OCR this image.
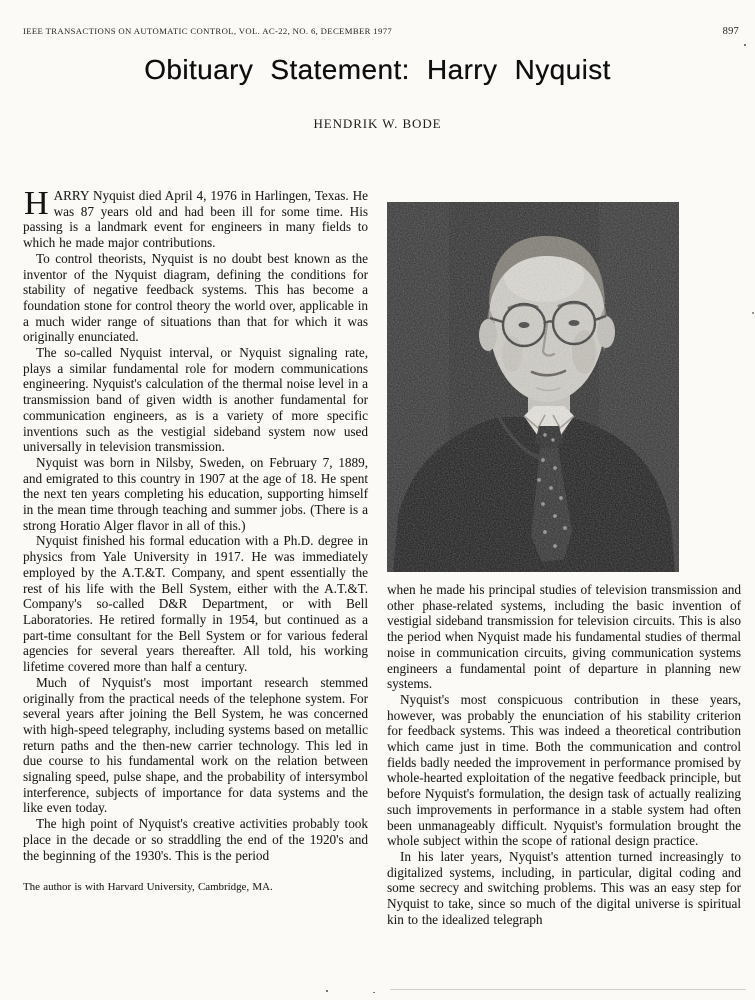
IEEE TRANSACTIONS ON AUTOMATIC CONTROL, VOL. AC-22, NO. 6, DECEMBER 1977	897
Obituary Statement: Harry Nyquist
HENDRIK W. BODE

HARRY Nyquist died April 4, 1976 in Harlingen, Texas. He was 87 years old and had been ill for some time. His passing is a landmark event for engineers in many fields to which he made major contributions.

To control theorists, Nyquist is no doubt best known as the inventor of the Nyquist diagram, defining the conditions for stability of negative feedback systems. This has become a foundation stone for control theory the world over, applicable in a much wider range of situations than that for which it was originally enunciated.

The so-called Nyquist interval, or Nyquist signaling rate, plays a similar fundamental role for modern communications engineering. Nyquist's calculation of the thermal noise level in a transmission band of given width is another fundamental for communication engineers, as is a variety of more specific inventions such as the vestigial sideband system now used universally in television transmission.

Nyquist was born in Nilsby, Sweden, on February 7, 1889, and emigrated to this country in 1907 at the age of 18. He spent the next ten years completing his education, supporting himself in the mean time through teaching and summer jobs. (There is a strong Horatio Alger flavor in all of this.)

Nyquist finished his formal education with a Ph.D. degree in physics from Yale University in 1917. He was immediately employed by the A.T.&T. Company, and spent essentially the rest of his life with the Bell System, either with the A.T.&T. Company's so-called D&R Department, or with Bell Laboratories. He retired formally in 1954, but continued as a part-time consultant for the Bell System or for various federal agencies for several years thereafter. All told, his working lifetime covered more than half a century.

Much of Nyquist's most important research stemmed originally from the practical needs of the telephone system. For several years after joining the Bell System, he was concerned with high-speed telegraphy, including systems based on metallic return paths and the then-new carrier technology. This led in due course to his fundamental work on the relation between signaling speed, pulse shape, and the probability of intersymbol interference, subjects of importance for data systems and the like even today.

The high point of Nyquist's creative activities probably took place in the decade or so straddling the end of the 1920's and the beginning of the 1930's. This is the period

The author is with Harvard University, Cambridge, MA.

when he made his principal studies of television transmission and other phase-related systems, including the basic invention of vestigial sideband transmission for television circuits. This is also the period when Nyquist made his fundamental studies of thermal noise in communication circuits, giving communication systems engineers a fundamental point of departure in planning new systems.

Nyquist's most conspicuous contribution in these years, however, was probably the enunciation of his stability criterion for feedback systems. This was indeed a theoretical contribution which came just in time. Both the communication and control fields badly needed the improvement in performance promised by whole-hearted exploitation of the negative feedback principle, but before Nyquist's formulation, the design task of actually realizing such improvements in performance in a stable system had often been unmanageably difficult. Nyquist's formulation brought the whole subject within the scope of rational design practice.

In his later years, Nyquist's attention turned increasingly to digitalized systems, including, in particular, digital coding and some secrecy and switching problems. This was an easy step for Nyquist to take, since so much of the digital universe is spiritual kin to the idealized telegraph
